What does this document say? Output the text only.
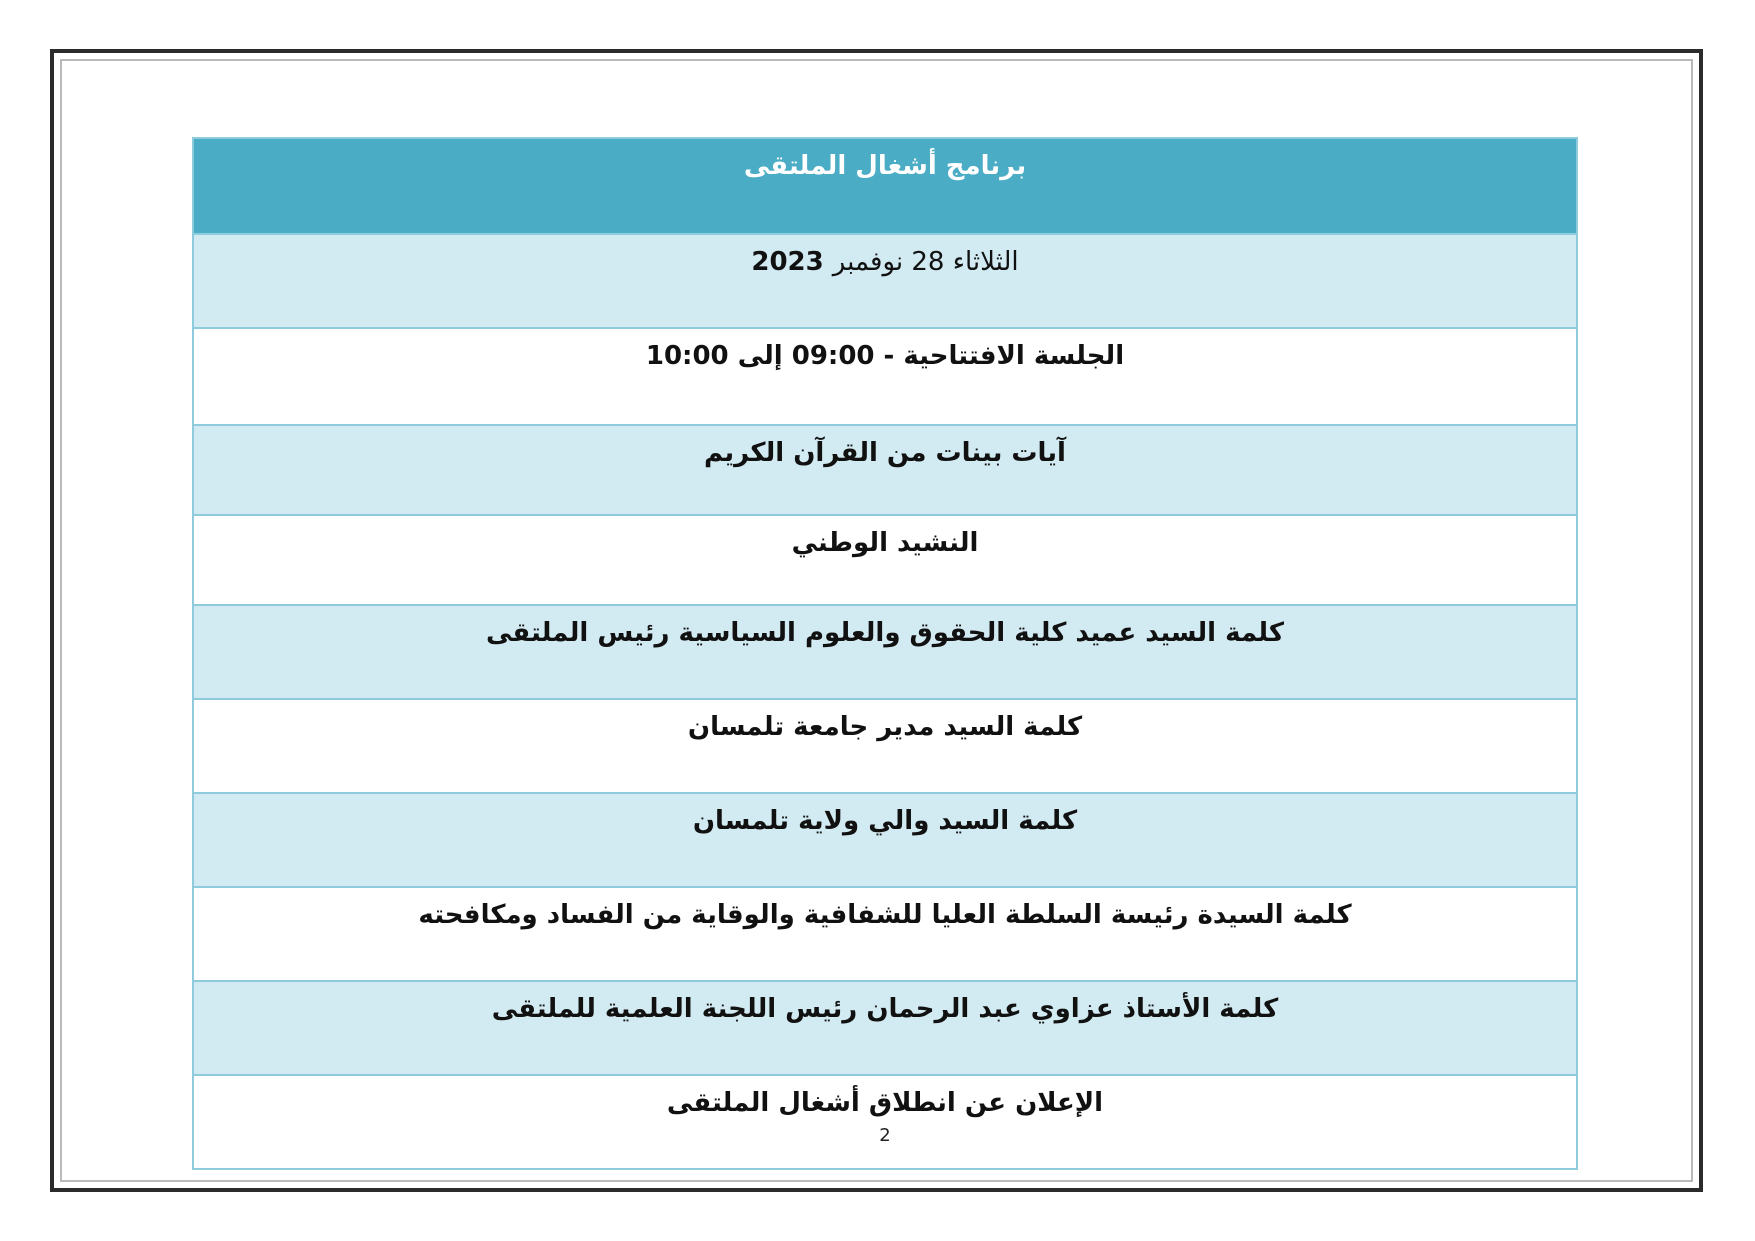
برنامج أشغال الملتقى
الثلاثاء 28 نوفمبر 2023
الجلسة الافتتاحية - 09:00 إلى 10:00
آيات بينات من القرآن الكريم
النشيد الوطني
كلمة السيد عميد كلية الحقوق والعلوم السياسية رئيس الملتقى
كلمة السيد مدير جامعة تلمسان
كلمة السيد والي ولاية تلمسان
كلمة السيدة رئيسة السلطة العليا للشفافية والوقاية من الفساد ومكافحته
كلمة الأستاذ عزاوي عبد الرحمان رئيس اللجنة العلمية للملتقى
الإعلان عن انطلاق أشغال الملتقى
2
